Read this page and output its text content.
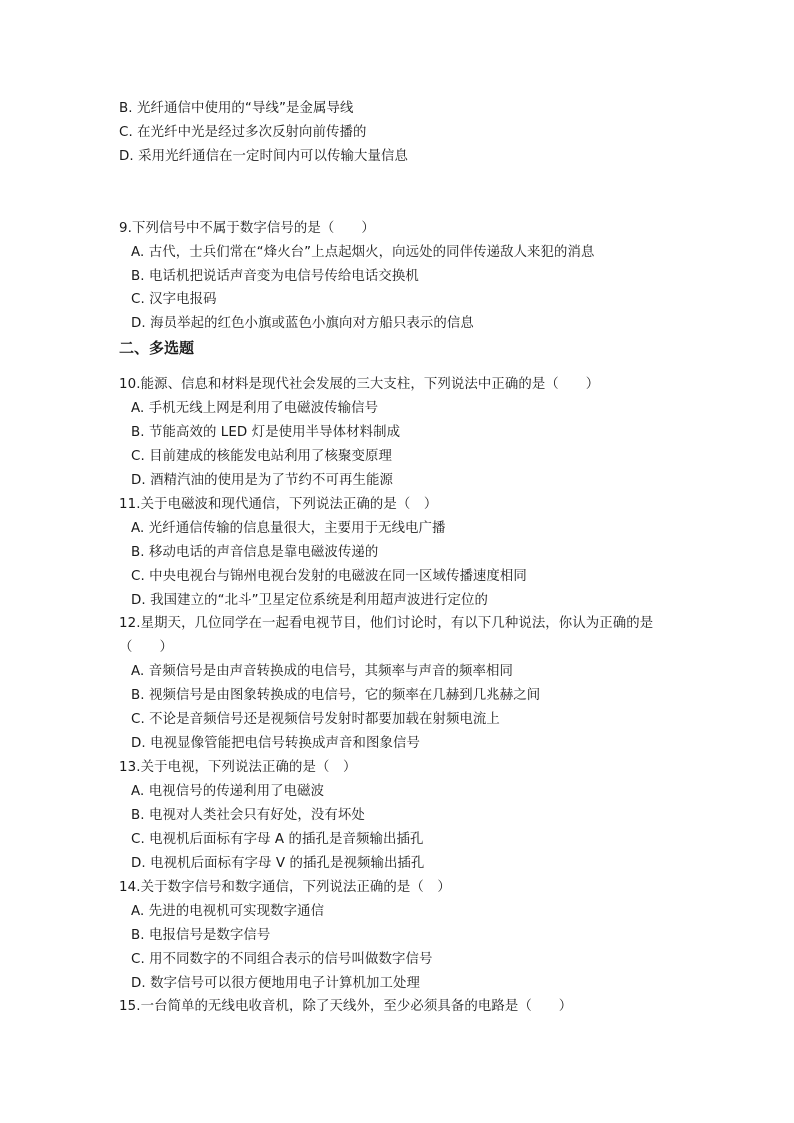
B. 光纤通信中使用的“导线”是金属导线
C. 在光纤中光是经过多次反射向前传播的
D. 采用光纤通信在一定时间内可以传输大量信息
9.下列信号中不属于数字信号的是（　　）
A. 古代，士兵们常在“烽火台”上点起烟火，向远处的同伴传递敌人来犯的消息
B. 电话机把说话声音变为电信号传给电话交换机
C. 汉字电报码
D. 海员举起的红色小旗或蓝色小旗向对方船只表示的信息
二、多选题
10.能源、信息和材料是现代社会发展的三大支柱，下列说法中正确的是（　　）
A. 手机无线上网是利用了电磁波传输信号
B. 节能高效的 LED 灯是使用半导体材料制成
C. 目前建成的核能发电站利用了核聚变原理
D. 酒精汽油的使用是为了节约不可再生能源
11.关于电磁波和现代通信，下列说法正确的是（　）
A. 光纤通信传输的信息量很大，主要用于无线电广播
B. 移动电话的声音信息是靠电磁波传递的
C. 中央电视台与锦州电视台发射的电磁波在同一区域传播速度相同
D. 我国建立的“北斗”卫星定位系统是利用超声波进行定位的
12.星期天，几位同学在一起看电视节目，他们讨论时，有以下几种说法，你认为正确的是
（　　）
A. 音频信号是由声音转换成的电信号，其频率与声音的频率相同
B. 视频信号是由图象转换成的电信号，它的频率在几赫到几兆赫之间
C. 不论是音频信号还是视频信号发射时都要加载在射频电流上
D. 电视显像管能把电信号转换成声音和图象信号
13.关于电视，下列说法正确的是（　）
A. 电视信号的传递利用了电磁波
B. 电视对人类社会只有好处，没有坏处
C. 电视机后面标有字母 A 的插孔是音频输出插孔
D. 电视机后面标有字母 V 的插孔是视频输出插孔
14.关于数字信号和数字通信，下列说法正确的是（　）
A. 先进的电视机可实现数字通信
B. 电报信号是数字信号
C. 用不同数字的不同组合表示的信号叫做数字信号
D. 数字信号可以很方便地用电子计算机加工处理
15.一台简单的无线电收音机，除了天线外，至少必须具备的电路是（　　）
